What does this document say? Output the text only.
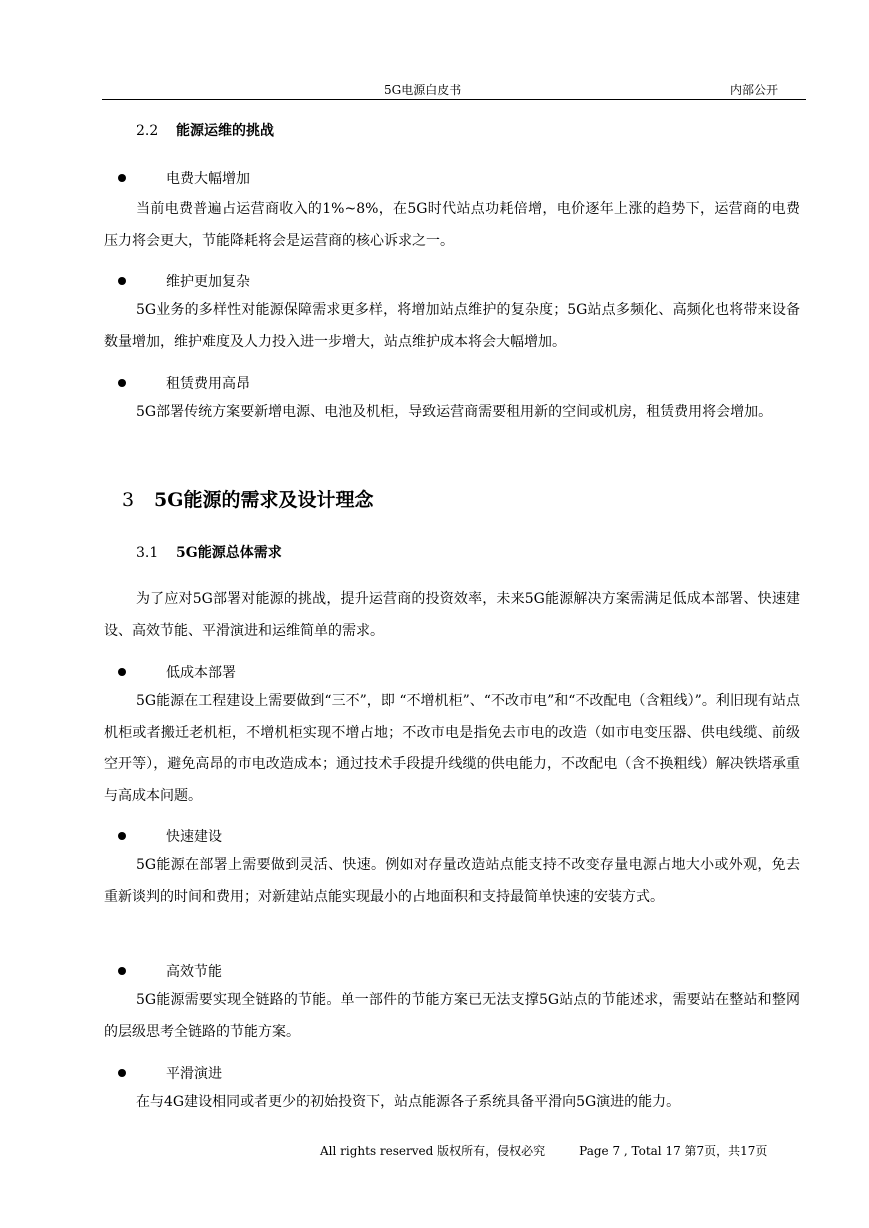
5G电源白皮书	内部公开
2.2 能源运维的挑战
电费大幅增加
当前电费普遍占运营商收入的1%~8%，在5G时代站点功耗倍增，电价逐年上涨的趋势下，运营商的电费压力将会更大，节能降耗将会是运营商的核心诉求之一。
维护更加复杂
5G业务的多样性对能源保障需求更多样，将增加站点维护的复杂度；5G站点多频化、高频化也将带来设备数量增加，维护难度及人力投入进一步增大，站点维护成本将会大幅增加。
租赁费用高昂
5G部署传统方案要新增电源、电池及机柜，导致运营商需要租用新的空间或机房，租赁费用将会增加。
3 5G能源的需求及设计理念
3.1 5G能源总体需求
为了应对5G部署对能源的挑战，提升运营商的投资效率，未来5G能源解决方案需满足低成本部署、快速建设、高效节能、平滑演进和运维简单的需求。
低成本部署
5G能源在工程建设上需要做到“三不”，即 “不增机柜”、“不改市电”和“不改配电（含粗线）”。利旧现有站点机柜或者搬迁老机柜，不增机柜实现不增占地；不改市电是指免去市电的改造（如市电变压器、供电线缆、前级空开等），避免高昂的市电改造成本；通过技术手段提升线缆的供电能力，不改配电（含不换粗线）解决铁塔承重与高成本问题。
快速建设
5G能源在部署上需要做到灵活、快速。例如对存量改造站点能支持不改变存量电源占地大小或外观，免去重新谈判的时间和费用；对新建站点能实现最小的占地面积和支持最简单快速的安装方式。
高效节能
5G能源需要实现全链路的节能。单一部件的节能方案已无法支撑5G站点的节能述求，需要站在整站和整网的层级思考全链路的节能方案。
平滑演进
在与4G建设相同或者更少的初始投资下，站点能源各子系统具备平滑向5G演进的能力。
All rights reserved 版权所有，侵权必究	Page 7 , Total 17 第7页，共17页
